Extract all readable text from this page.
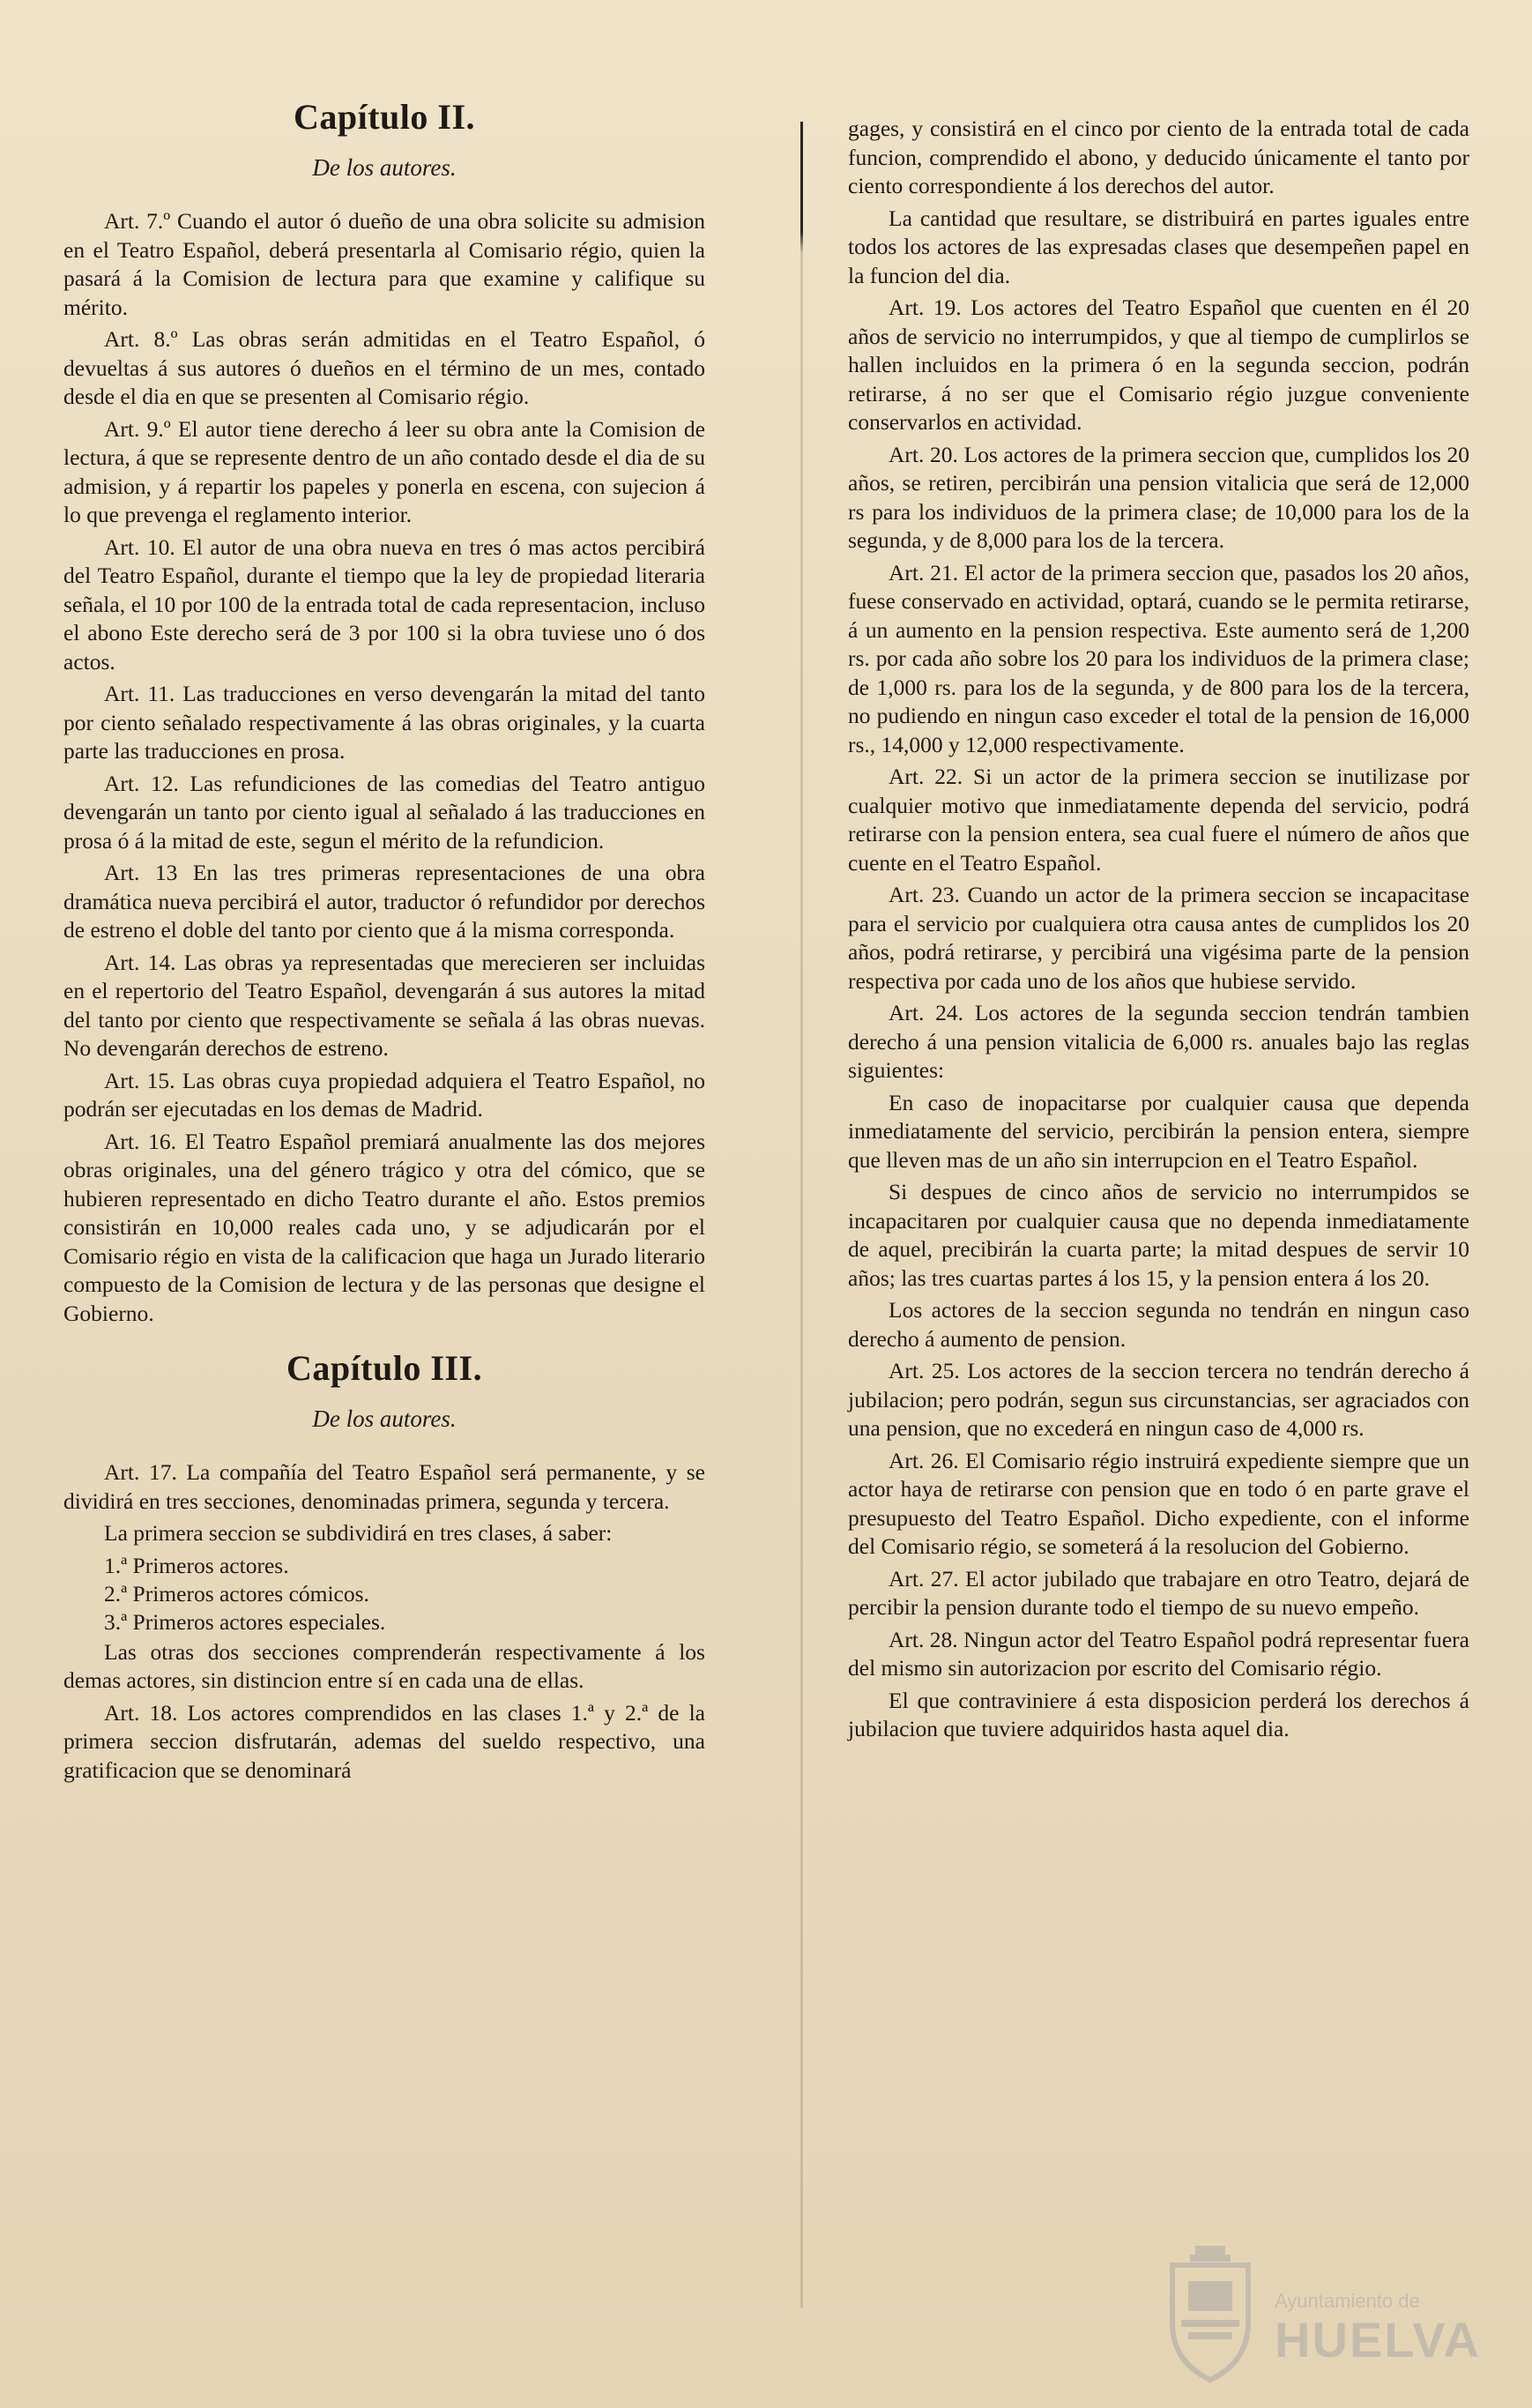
Capítulo II.
De los autores.

Art. 7.º Cuando el autor ó dueño de una obra solicite su admision en el Teatro Español, deberá presentarla al Comisario régio, quien la pasará á la Comision de lectura para que examine y califique su mérito.

Art. 8.º Las obras serán admitidas en el Teatro Español, ó devueltas á sus autores ó dueños en el término de un mes, contado desde el dia en que se presenten al Comisario régio.

Art. 9.º El autor tiene derecho á leer su obra ante la Comision de lectura, á que se represente dentro de un año contado desde el dia de su admision, y á repartir los papeles y ponerla en escena, con sujecion á lo que prevenga el reglamento interior.

Art. 10. El autor de una obra nueva en tres ó mas actos percibirá del Teatro Español, durante el tiempo que la ley de propiedad literaria señala, el 10 por 100 de la entrada total de cada representacion, incluso el abono Este derecho será de 3 por 100 si la obra tuviese uno ó dos actos.

Art. 11. Las traducciones en verso devengarán la mitad del tanto por ciento señalado respectivamente á las obras originales, y la cuarta parte las traducciones en prosa.

Art. 12. Las refundiciones de las comedias del Teatro antiguo devengarán un tanto por ciento igual al señalado á las traducciones en prosa ó á la mitad de este, segun el mérito de la refundicion.

Art. 13 En las tres primeras representaciones de una obra dramática nueva percibirá el autor, traductor ó refundidor por derechos de estreno el doble del tanto por ciento que á la misma corresponda.

Art. 14. Las obras ya representadas que merecieren ser incluidas en el repertorio del Teatro Español, devengarán á sus autores la mitad del tanto por ciento que respectivamente se señala á las obras nuevas. No devengarán derechos de estreno.

Art. 15. Las obras cuya propiedad adquiera el Teatro Español, no podrán ser ejecutadas en los demas de Madrid.

Art. 16. El Teatro Español premiará anualmente las dos mejores obras originales, una del género trágico y otra del cómico, que se hubieren representado en dicho Teatro durante el año. Estos premios consistirán en 10,000 reales cada uno, y se adjudicarán por el Comisario régio en vista de la calificacion que haga un Jurado literario compuesto de la Comision de lectura y de las personas que designe el Gobierno.

Capítulo III.
De los autores.

Art. 17. La compañía del Teatro Español será permanente, y se dividirá en tres secciones, denominadas primera, segunda y tercera.

La primera seccion se subdividirá en tres clases, á saber:

1.ª Primeros actores.
2.ª Primeros actores cómicos.
3.ª Primeros actores especiales.

Las otras dos secciones comprenderán respectivamente á los demas actores, sin distincion entre sí en cada una de ellas.

Art. 18. Los actores comprendidos en las clases 1.ª y 2.ª de la primera seccion disfrutarán, ademas del sueldo respectivo, una gratificacion que se denominará

gages, y consistirá en el cinco por ciento de la entrada total de cada funcion, comprendido el abono, y deducido únicamente el tanto por ciento correspondiente á los derechos del autor.

La cantidad que resultare, se distribuirá en partes iguales entre todos los actores de las expresadas clases que desempeñen papel en la funcion del dia.

Art. 19. Los actores del Teatro Español que cuenten en él 20 años de servicio no interrumpidos, y que al tiempo de cumplirlos se hallen incluidos en la primera ó en la segunda seccion, podrán retirarse, á no ser que el Comisario régio juzgue conveniente conservarlos en actividad.

Art. 20. Los actores de la primera seccion que, cumplidos los 20 años, se retiren, percibirán una pension vitalicia que será de 12,000 rs para los individuos de la primera clase; de 10,000 para los de la segunda, y de 8,000 para los de la tercera.

Art. 21. El actor de la primera seccion que, pasados los 20 años, fuese conservado en actividad, optará, cuando se le permita retirarse, á un aumento en la pension respectiva. Este aumento será de 1,200 rs. por cada año sobre los 20 para los individuos de la primera clase; de 1,000 rs. para los de la segunda, y de 800 para los de la tercera, no pudiendo en ningun caso exceder el total de la pension de 16,000 rs., 14,000 y 12,000 respectivamente.

Art. 22. Si un actor de la primera seccion se inutilizase por cualquier motivo que inmediatamente dependa del servicio, podrá retirarse con la pension entera, sea cual fuere el número de años que cuente en el Teatro Español.

Art. 23. Cuando un actor de la primera seccion se incapacitase para el servicio por cualquiera otra causa antes de cumplidos los 20 años, podrá retirarse, y percibirá una vigésima parte de la pension respectiva por cada uno de los años que hubiese servido.

Art. 24. Los actores de la segunda seccion tendrán tambien derecho á una pension vitalicia de 6,000 rs. anuales bajo las reglas siguientes:

En caso de inopacitarse por cualquier causa que dependa inmediatamente del servicio, percibirán la pension entera, siempre que lleven mas de un año sin interrupcion en el Teatro Español.

Si despues de cinco años de servicio no interrumpidos se incapacitaren por cualquier causa que no dependa inmediatamente de aquel, precibirán la cuarta parte; la mitad despues de servir 10 años; las tres cuartas partes á los 15, y la pension entera á los 20.

Los actores de la seccion segunda no tendrán en ningun caso derecho á aumento de pension.

Art. 25. Los actores de la seccion tercera no tendrán derecho á jubilacion; pero podrán, segun sus circunstancias, ser agraciados con una pension, que no excederá en ningun caso de 4,000 rs.

Art. 26. El Comisario régio instruirá expediente siempre que un actor haya de retirarse con pension que en todo ó en parte grave el presupuesto del Teatro Español. Dicho expediente, con el informe del Comisario régio, se someterá á la resolucion del Gobierno.

Art. 27. El actor jubilado que trabajare en otro Teatro, dejará de percibir la pension durante todo el tiempo de su nuevo empeño.

Art. 28. Ningun actor del Teatro Español podrá representar fuera del mismo sin autorizacion por escrito del Comisario régio.

El que contraviniere á esta disposicion perderá los derechos á jubilacion que tuviere adquiridos hasta aquel dia.

Ayuntamiento de
HUELVA
